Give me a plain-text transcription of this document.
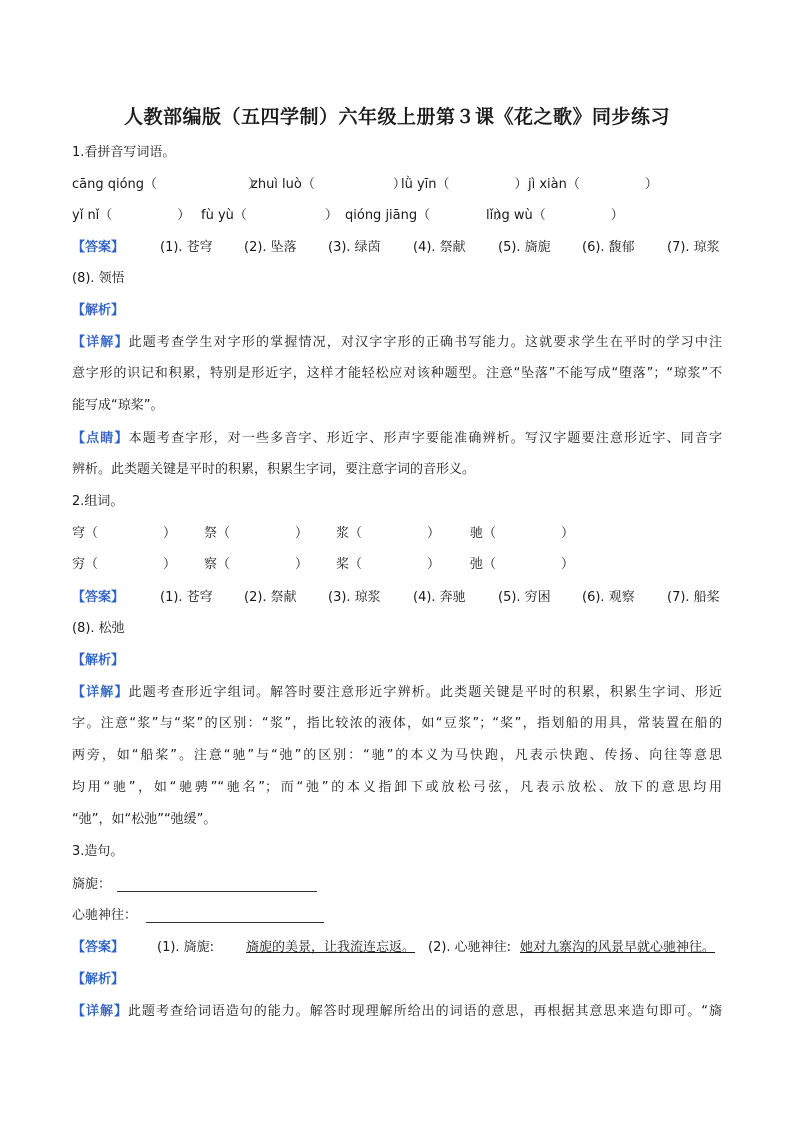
人教部编版（五四学制）六年级上册第３课《花之歌》同步练习
1.看拼音写词语。
cāng qióng（　　　　　　　）
zhuì luò（　　　　　　）
lǜ yīn（　　　　　） jì xiàn（　　　　　）
yǐ nǐ（　　　　　） fù yù（　　　　　　） qióng jiāng（　　　　　）
lǐng wù（　　　　　）
【答案】	(1). 苍穹 (2). 坠落 (3). 绿茵 (4). 祭献 (5). 旖旎 (6). 馥郁 (7). 琼浆
(8). 领悟
【解析】
【详解】此题考查学生对字形的掌握情况，对汉字字形的正确书写能力。这就要求学生在平时的学习中注
意字形的识记和积累，特别是形近字，这样才能轻松应对该种题型。注意“坠落”不能写成“堕落”；“琼浆”不
能写成“琼桨”。
【点睛】本题考查字形，对一些多音字、形近字、形声字要能准确辨析。写汉字题要注意形近字、同音字
辨析。此类题关键是平时的积累，积累生字词，要注意字词的音形义。
2.组词。
穹（　　　　　） 祭（　　　　　） 浆（　　　　　） 驰（　　　　　）
穷（　　　　　） 察（　　　　　） 桨（　　　　　） 弛（　　　　　）
【答案】	(1). 苍穹 (2). 祭献 (3). 琼浆 (4). 奔驰 (5). 穷困 (6). 观察 (7). 船桨
(8). 松弛
【解析】
【详解】此题考查形近字组词。解答时要注意形近字辨析。此类题关键是平时的积累，积累生字词、形近
字。注意“浆”与“桨”的区别：“浆”，指比较浓的液体，如“豆浆”；“桨”，指划船的用具，常装置在船的
两旁，如“船桨”。注意“驰”与“弛”的区别：“驰”的本义为马快跑，凡表示快跑、传扬、向往等意思
均用“驰”，如“驰骋”“驰名”；而“弛”的本义指卸下或放松弓弦，凡表示放松、放下的意思均用
“弛”，如“松弛”“弛缓”。
3.造句。
旖旎：
心驰神往：
【答案】	(1). 旖旎: 旖旎的美景，让我流连忘返。 (2). 心驰神往: 她对九寨沟的风景早就心驰神往。
【解析】
【详解】此题考查给词语造句的能力。解答时现理解所给出的词语的意思，再根据其意思来造句即可。“旖
